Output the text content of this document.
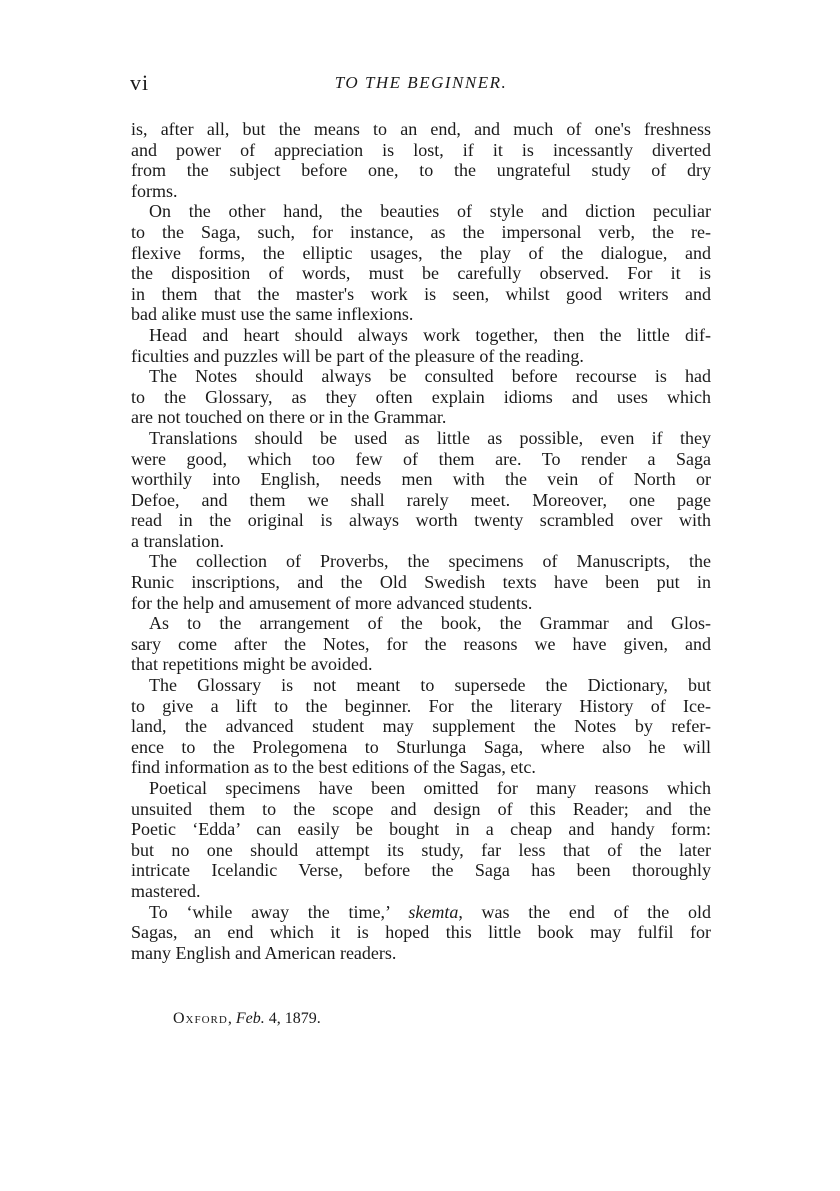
vi	TO THE BEGINNER.
is, after all, but the means to an end, and much of one's freshness
and power of appreciation is lost, if it is incessantly diverted
from the subject before one, to the ungrateful study of dry
forms.
On the other hand, the beauties of style and diction peculiar
to the Saga, such, for instance, as the impersonal verb, the re-
flexive forms, the elliptic usages, the play of the dialogue, and
the disposition of words, must be carefully observed. For it is
in them that the master's work is seen, whilst good writers and
bad alike must use the same inflexions.
Head and heart should always work together, then the little dif-
ficulties and puzzles will be part of the pleasure of the reading.
The Notes should always be consulted before recourse is had
to the Glossary, as they often explain idioms and uses which
are not touched on there or in the Grammar.
Translations should be used as little as possible, even if they
were good, which too few of them are. To render a Saga
worthily into English, needs men with the vein of North or
Defoe, and them we shall rarely meet. Moreover, one page
read in the original is always worth twenty scrambled over with
a translation.
The collection of Proverbs, the specimens of Manuscripts, the
Runic inscriptions, and the Old Swedish texts have been put in
for the help and amusement of more advanced students.
As to the arrangement of the book, the Grammar and Glos-
sary come after the Notes, for the reasons we have given, and
that repetitions might be avoided.
The Glossary is not meant to supersede the Dictionary, but
to give a lift to the beginner. For the literary History of Ice-
land, the advanced student may supplement the Notes by refer-
ence to the Prolegomena to Sturlunga Saga, where also he will
find information as to the best editions of the Sagas, etc.
Poetical specimens have been omitted for many reasons which
unsuited them to the scope and design of this Reader; and the
Poetic ‘Edda’ can easily be bought in a cheap and handy form:
but no one should attempt its study, far less that of the later
intricate Icelandic Verse, before the Saga has been thoroughly
mastered.
To ‘while away the time,’ skemta, was the end of the old
Sagas, an end which it is hoped this little book may fulfil for
many English and American readers.
Oxford, Feb. 4, 1879.
